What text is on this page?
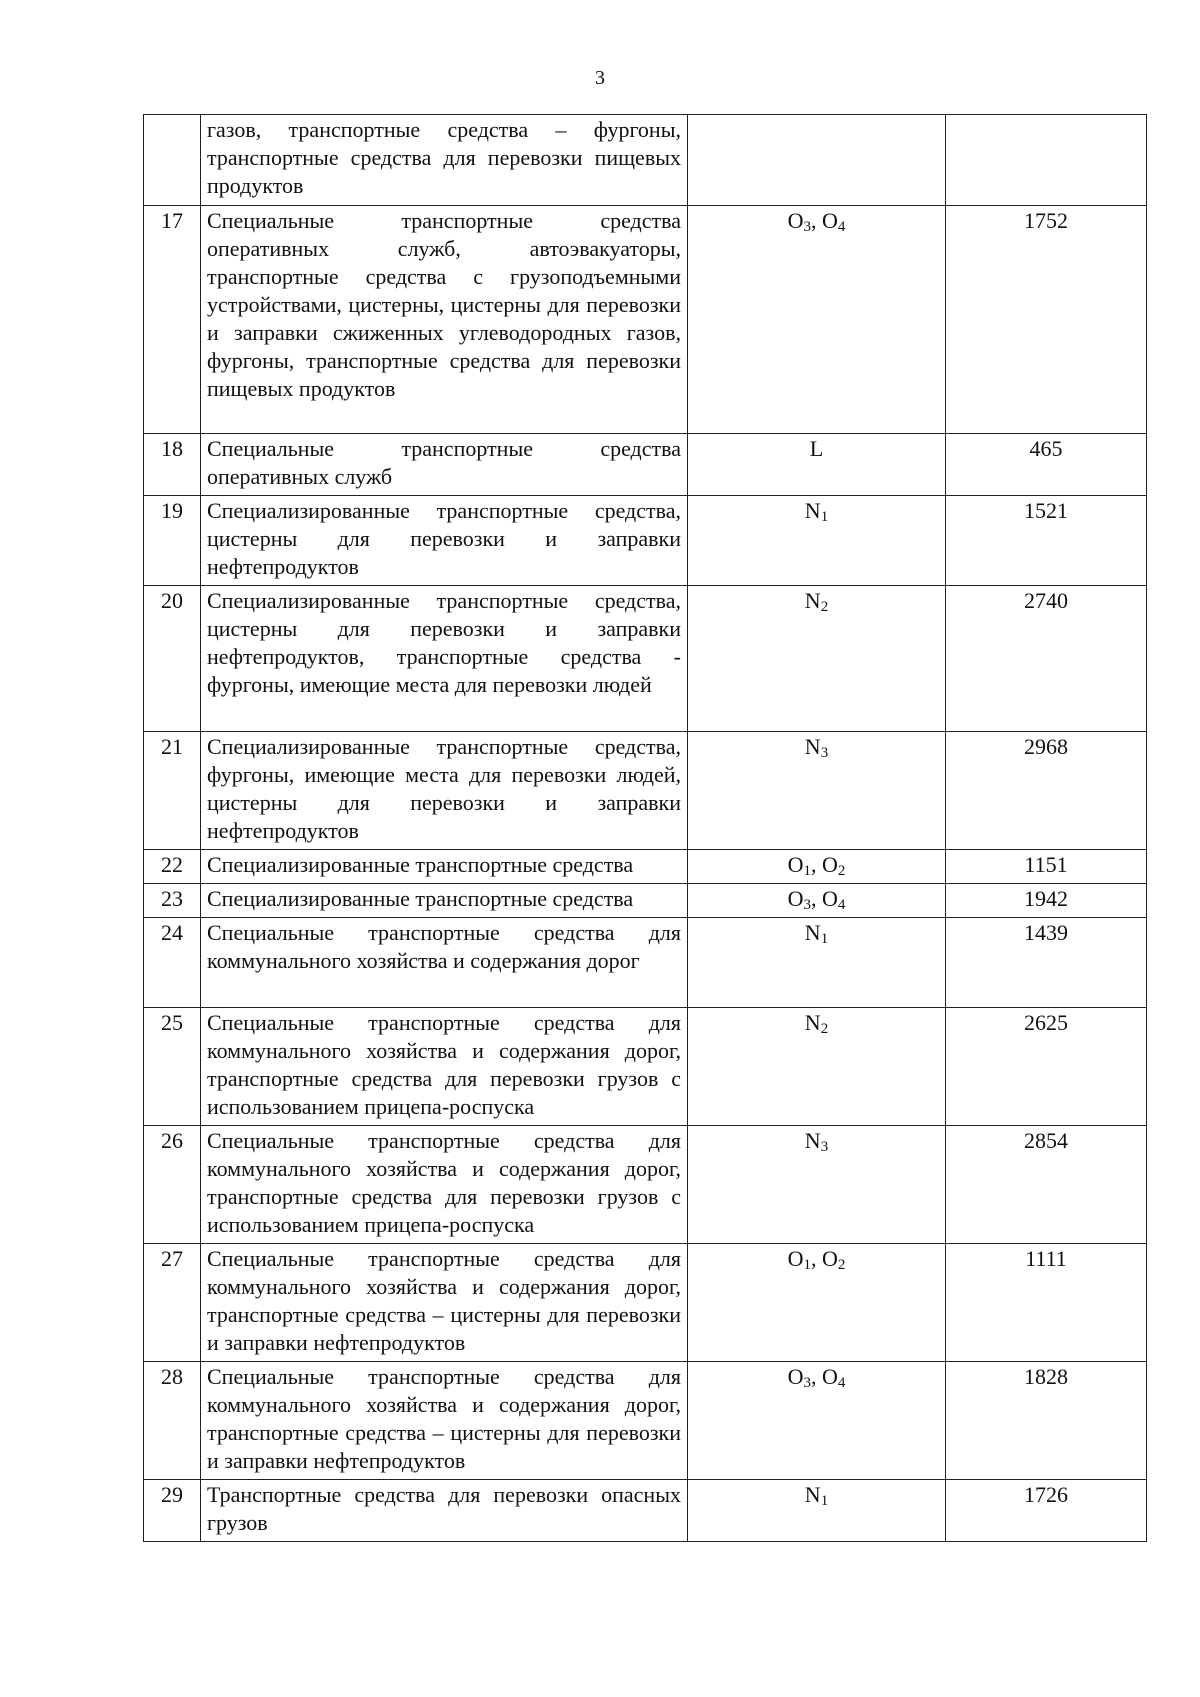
3
	газов, транспортные средства – фургоны, транспортные средства для перевозки пищевых продуктов		
17	Специальные транспортные средства оперативных служб, автоэвакуаторы, транспортные средства с грузоподъемными устройствами, цистерны, цистерны для перевозки и заправки сжиженных углеводородных газов, фургоны, транспортные средства для перевозки пищевых продуктов	$O_3$, $O_4$	1752
18	Специальные транспортные средства оперативных служб	L	465
19	Специализированные транспортные средства, цистерны для перевозки и заправки нефтепродуктов	$N_1$	1521
20	Специализированные транспортные средства, цистерны для перевозки и заправки нефтепродуктов, транспортные средства - фургоны, имеющие места для перевозки людей	$N_2$	2740
21	Специализированные транспортные средства, фургоны, имеющие места для перевозки людей, цистерны для перевозки и заправки нефтепродуктов	$N_3$	2968
22	Специализированные транспортные средства	$O_1$, $O_2$	1151
23	Специализированные транспортные средства	$O_3$, $O_4$	1942
24	Специальные транспортные средства для коммунального хозяйства и содержания дорог	$N_1$	1439
25	Специальные транспортные средства для коммунального хозяйства и содержания дорог, транспортные средства для перевозки грузов с использованием прицепа-роспуска	$N_2$	2625
26	Специальные транспортные средства для коммунального хозяйства и содержания дорог, транспортные средства для перевозки грузов с использованием прицепа-роспуска	$N_3$	2854
27	Специальные транспортные средства для коммунального хозяйства и содержания дорог, транспортные средства – цистерны для перевозки и заправки нефтепродуктов	$O_1$, $O_2$	1111
28	Специальные транспортные средства для коммунального хозяйства и содержания дорог, транспортные средства – цистерны для перевозки и заправки нефтепродуктов	$O_3$, $O_4$	1828
29	Транспортные средства для перевозки опасных грузов	$N_1$	1726
